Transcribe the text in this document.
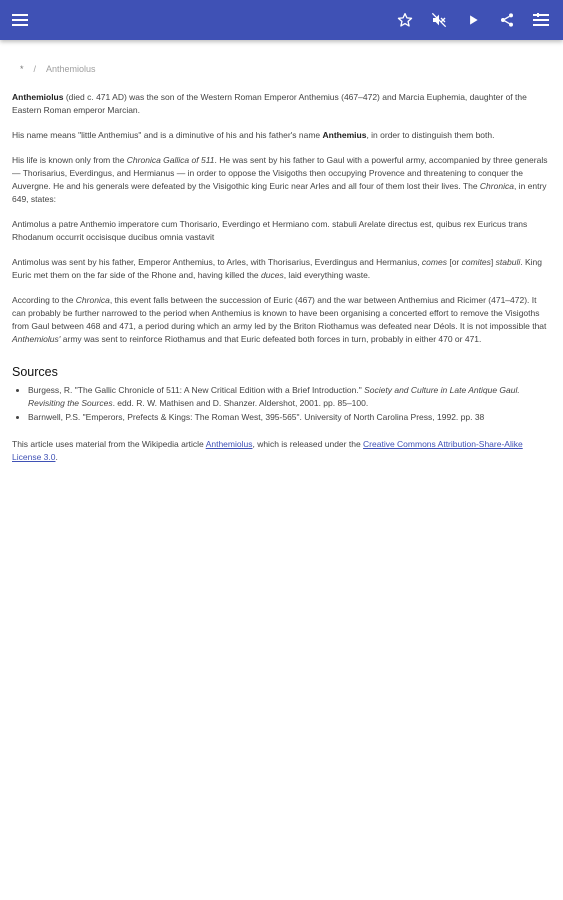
* / Anthemiolus

Anthemiolus (died c. 471 AD) was the son of the Western Roman Emperor Anthemius (467–472) and Marcia Euphemia, daughter of the Eastern Roman emperor Marcian.

His name means "little Anthemius" and is a diminutive of his and his father's name Anthemius, in order to distinguish them both.

His life is known only from the Chronica Gallica of 511. He was sent by his father to Gaul with a powerful army, accompanied by three generals — Thorisarius, Everdingus, and Hermianus — in order to oppose the Visigoths then occupying Provence and threatening to conquer the Auvergne. He and his generals were defeated by the Visigothic king Euric near Arles and all four of them lost their lives. The Chronica, in entry 649, states:

Antimolus a patre Anthemio imperatore cum Thorisario, Everdingo et Hermiano com. stabuli Arelate directus est, quibus rex Euricus trans Rhodanum occurrit occisisque ducibus omnia vastavit

Antimolus was sent by his father, Emperor Anthemius, to Arles, with Thorisarius, Everdingus and Hermanius, comes [or comites] stabuli. King Euric met them on the far side of the Rhone and, having killed the duces, laid everything waste.

According to the Chronica, this event falls between the succession of Euric (467) and the war between Anthemius and Ricimer (471–472). It can probably be further narrowed to the period when Anthemius is known to have been organising a concerted effort to remove the Visigoths from Gaul between 468 and 471, a period during which an army led by the Briton Riothamus was defeated near Déols. It is not impossible that Anthemiolus' army was sent to reinforce Riothamus and that Euric defeated both forces in turn, probably in either 470 or 471.

Sources
• Burgess, R. "The Gallic Chronicle of 511: A New Critical Edition with a Brief Introduction." Society and Culture in Late Antique Gaul. Revisiting the Sources. edd. R. W. Mathisen and D. Shanzer. Aldershot, 2001. pp. 85–100.
• Barnwell, P.S. "Emperors, Prefects & Kings: The Roman West, 395-565". University of North Carolina Press, 1992. pp. 38

This article uses material from the Wikipedia article Anthemiolus, which is released under the Creative Commons Attribution-Share-Alike License 3.0.
